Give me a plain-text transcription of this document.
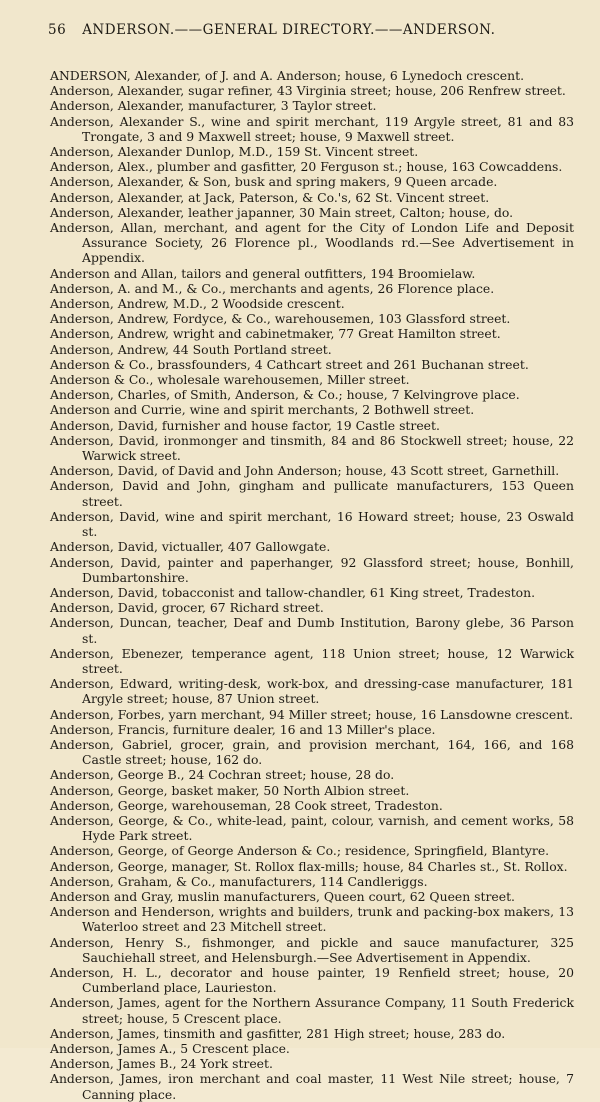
56 ANDERSON. —— GENERAL DIRECTORY. —— ANDERSON.
ANDERSON, Alexander, of J. and A. Anderson; house, 6 Lynedoch crescent.
Anderson, Alexander, sugar refiner, 43 Virginia street; house, 206 Renfrew street.
Anderson, Alexander, manufacturer, 3 Taylor street.
Anderson, Alexander S., wine and spirit merchant, 119 Argyle street, 81 and 83 Trongate, 3 and 9 Maxwell street; house, 9 Maxwell street.
Anderson, Alexander Dunlop, M.D., 159 St. Vincent street.
Anderson, Alex., plumber and gasfitter, 20 Ferguson st.; house, 163 Cowcaddens.
Anderson, Alexander, & Son, busk and spring makers, 9 Queen arcade.
Anderson, Alexander, at Jack, Paterson, & Co.'s, 62 St. Vincent street.
Anderson, Alexander, leather japanner, 30 Main street, Calton; house, do.
Anderson, Allan, merchant, and agent for the City of London Life and Deposit Assurance Society, 26 Florence pl., Woodlands rd.—See Advertisement in Appendix.
Anderson and Allan, tailors and general outfitters, 194 Broomielaw.
Anderson, A. and M., & Co., merchants and agents, 26 Florence place.
Anderson, Andrew, M.D., 2 Woodside crescent.
Anderson, Andrew, Fordyce, & Co., warehousemen, 103 Glassford street.
Anderson, Andrew, wright and cabinetmaker, 77 Great Hamilton street.
Anderson, Andrew, 44 South Portland street.
Anderson & Co., brassfounders, 4 Cathcart street and 261 Buchanan street.
Anderson & Co., wholesale warehousemen, Miller street.
Anderson, Charles, of Smith, Anderson, & Co.; house, 7 Kelvingrove place.
Anderson and Currie, wine and spirit merchants, 2 Bothwell street.
Anderson, David, furnisher and house factor, 19 Castle street.
Anderson, David, ironmonger and tinsmith, 84 and 86 Stockwell street; house, 22 Warwick street.
Anderson, David, of David and John Anderson; house, 43 Scott street, Garnethill.
Anderson, David and John, gingham and pullicate manufacturers, 153 Queen street.
Anderson, David, wine and spirit merchant, 16 Howard street; house, 23 Oswald st.
Anderson, David, victualler, 407 Gallowgate.
Anderson, David, painter and paperhanger, 92 Glassford street; house, Bonhill, Dumbartonshire.
Anderson, David, tobacconist and tallow-chandler, 61 King street, Tradeston.
Anderson, David, grocer, 67 Richard street.
Anderson, Duncan, teacher, Deaf and Dumb Institution, Barony glebe, 36 Parson st.
Anderson, Ebenezer, temperance agent, 118 Union street; house, 12 Warwick street.
Anderson, Edward, writing-desk, work-box, and dressing-case manufacturer, 181 Argyle street; house, 87 Union street.
Anderson, Forbes, yarn merchant, 94 Miller street; house, 16 Lansdowne crescent.
Anderson, Francis, furniture dealer, 16 and 13 Miller's place.
Anderson, Gabriel, grocer, grain, and provision merchant, 164, 166, and 168 Castle street; house, 162 do.
Anderson, George B., 24 Cochran street; house, 28 do.
Anderson, George, basket maker, 50 North Albion street.
Anderson, George, warehouseman, 28 Cook street, Tradeston.
Anderson, George, & Co., white-lead, paint, colour, varnish, and cement works, 58 Hyde Park street.
Anderson, George, of George Anderson & Co.; residence, Springfield, Blantyre.
Anderson, George, manager, St. Rollox flax-mills; house, 84 Charles st., St. Rollox.
Anderson, Graham, & Co., manufacturers, 114 Candleriggs.
Anderson and Gray, muslin manufacturers, Queen court, 62 Queen street.
Anderson and Henderson, wrights and builders, trunk and packing-box makers, 13 Waterloo street and 23 Mitchell street.
Anderson, Henry S., fishmonger, and pickle and sauce manufacturer, 325 Sauchiehall street, and Helensburgh.—See Advertisement in Appendix.
Anderson, H. L., decorator and house painter, 19 Renfield street; house, 20 Cumberland place, Laurieston.
Anderson, James, agent for the Northern Assurance Company, 11 South Frederick street; house, 5 Crescent place.
Anderson, James, tinsmith and gasfitter, 281 High street; house, 283 do.
Anderson, James A., 5 Crescent place.
Anderson, James B., 24 York street.
Anderson, James, iron merchant and coal master, 11 West Nile street; house, 7 Canning place.
